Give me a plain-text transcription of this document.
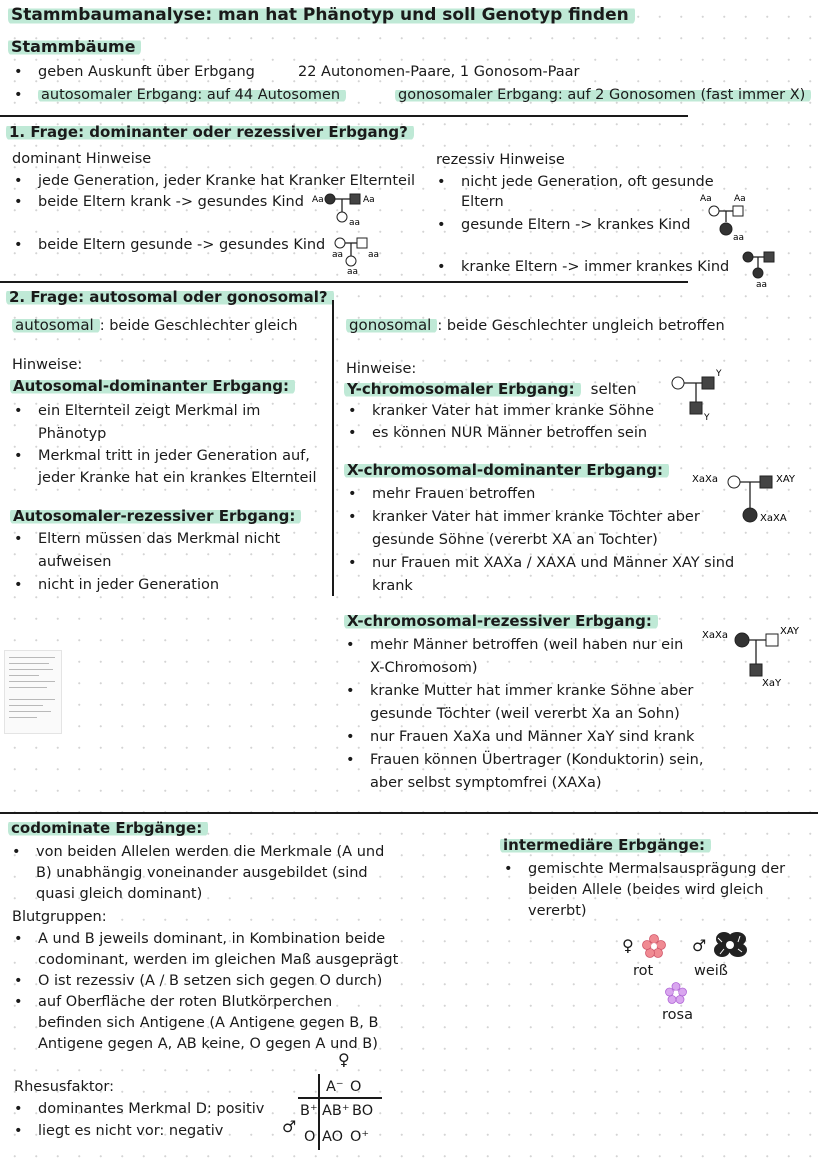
Stammbaumanalyse: man hat Phänotyp und soll Genotyp finden
Stammbäume
• geben Auskunft über Erbgang	22 Autonomen-Paare, 1 Gonosom-Paar
• autosomaler Erbgang: auf 44 Autosomen	gonosomaler Erbgang: auf 2 Gonosomen (fast immer X)
1. Frage: dominanter oder rezessiver Erbgang?
dominant Hinweise
• jede Generation, jeder Kranke hat Kranker Elternteil
• beide Eltern krank -> gesundes Kind
• beide Eltern gesunde -> gesundes Kind
rezessiv Hinweise
• nicht jede Generation, oft gesunde
Eltern
• gesunde Eltern -> krankes Kind
• kranke Eltern -> immer krankes Kind
Aa	Aa
aa
aa	aa
aa
Aa Aa
aa
aa
2. Frage: autosomal oder gonosomal?
autosomal : beide Geschlechter gleich
Hinweise:
Autosomal-dominanter Erbgang:
• ein Elternteil zeigt Merkmal im
Phänotyp
• Merkmal tritt in jeder Generation auf,
jeder Kranke hat ein krankes Elternteil
Autosomaler-rezessiver Erbgang:
• Eltern müssen das Merkmal nicht
aufweisen
• nicht in jeder Generation
gonosomal : beide Geschlechter ungleich betroffen
Hinweise:
Y-chromosomaler Erbgang: selten
• kranker Vater hat immer kranke Söhne
• es können NUR Männer betroffen sein
Y
Y
X-chromosomal-dominanter Erbgang:
• mehr Frauen betroffen
• kranker Vater hat immer kranke Töchter aber
gesunde Söhne (vererbt XA an Tochter)
• nur Frauen mit XAXa / XAXA und Männer XAY sind
krank
XaXa	XAY
XaXA
X-chromosomal-rezessiver Erbgang:
• mehr Männer betroffen (weil haben nur ein
X-Chromosom)
• kranke Mutter hat immer kranke Söhne aber
gesunde Töchter (weil vererbt Xa an Sohn)
• nur Frauen XaXa und Männer XaY sind krank
• Frauen können Übertrager (Konduktorin) sein,
aber selbst symptomfrei (XAXa)
XaXa	XAY
XaY
codominate Erbgänge:
• von beiden Allelen werden die Merkmale (A und
B) unabhängig voneinander ausgebildet (sind
quasi gleich dominant)
Blutgruppen:
• A und B jeweils dominant, in Kombination beide
codominant, werden im gleichen Maß ausgeprägt
• O ist rezessiv (A / B setzen sich gegen O durch)
• auf Oberfläche der roten Blutkörperchen
befinden sich Antigene (A Antigene gegen B, B
Antigene gegen A, AB keine, O gegen A und B)
Rhesusfaktor:
• dominantes Merkmal D: positiv
• liegt es nicht vor: negativ
♀
♂
A⁻ O
B⁺ AB⁺ BO
O AO O⁺
intermediäre Erbgänge:
• gemischte Mermalsausprägung der
beiden Allele (beides wird gleich
vererbt)
♀
rot
♂
weiß
rosa
